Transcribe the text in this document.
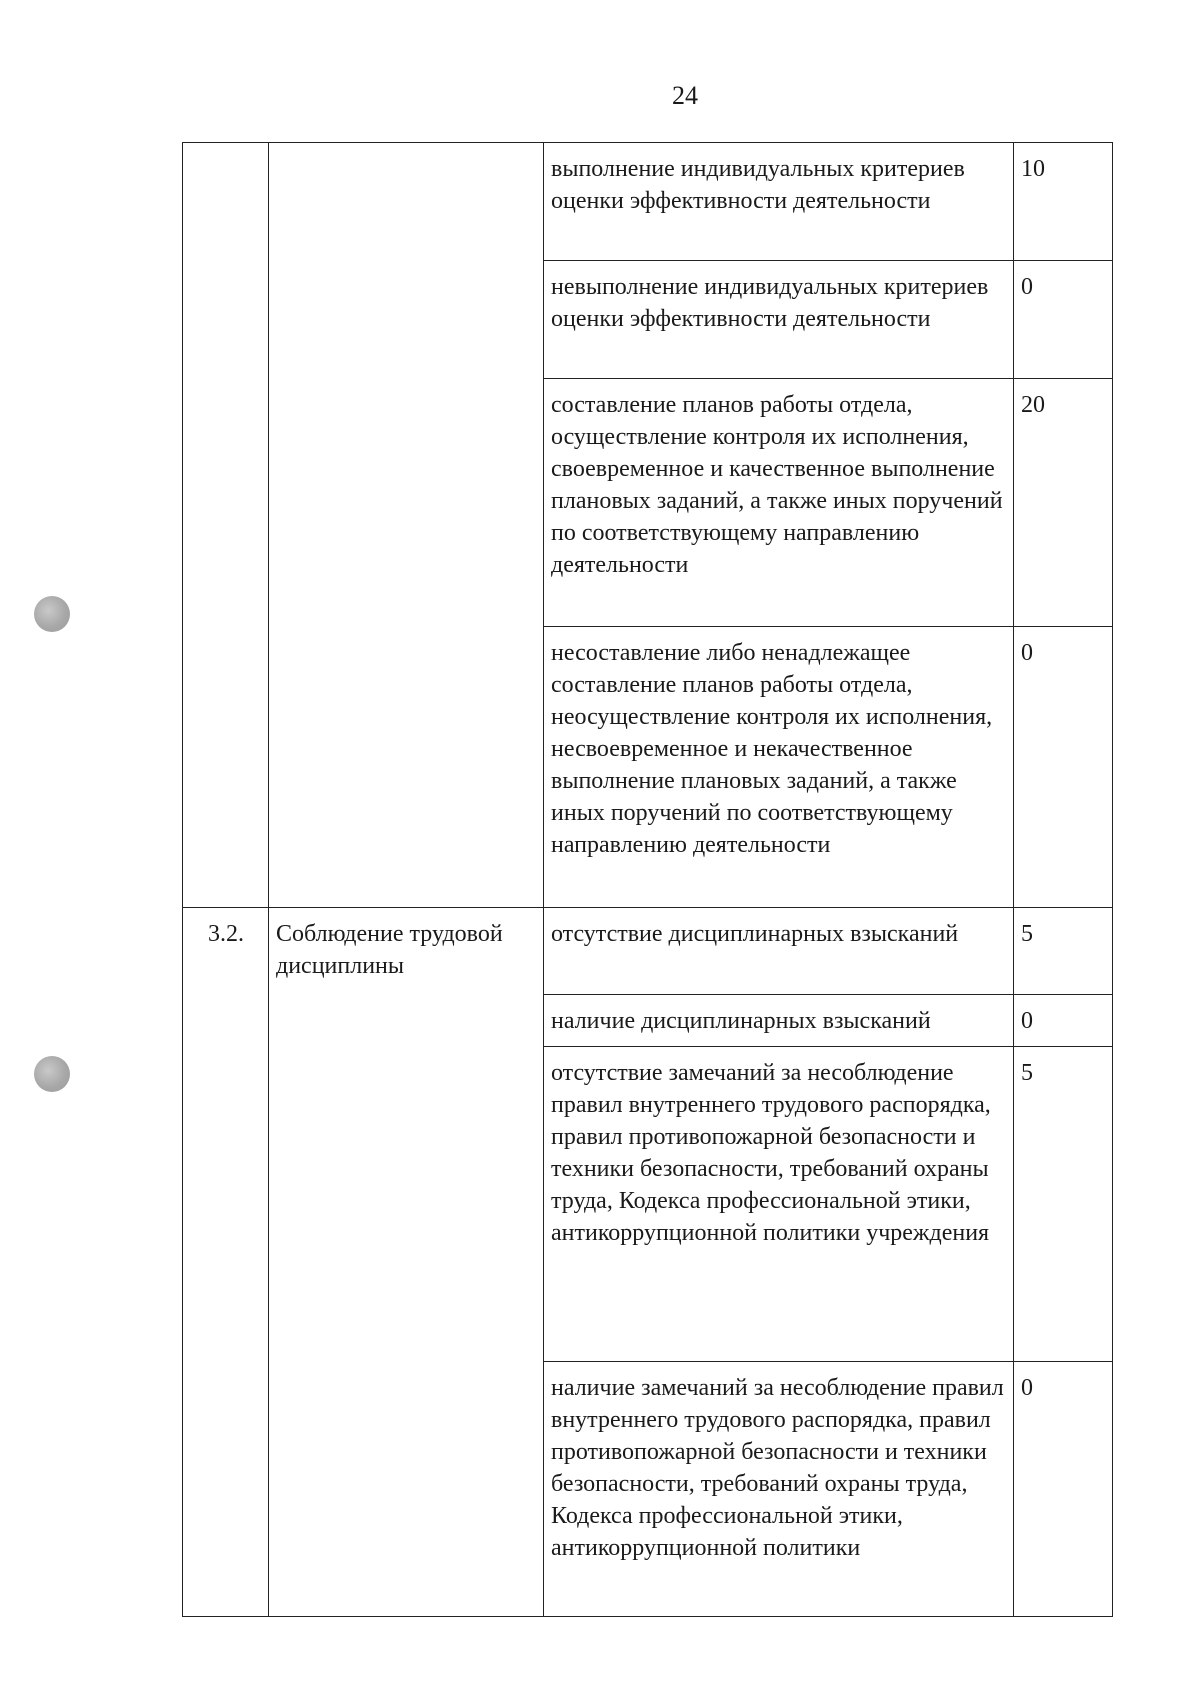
24
		выполнение индивидуальных критериев оценки эффективности деятельности	10
		невыполнение индивидуальных критериев оценки эффективности деятельности	0
		составление планов работы отдела, осуществление контроля их исполнения, своевременное и качественное выполнение плановых заданий, а также иных поручений по соответствующему направлению деятельности	20
		несоставление либо ненадлежащее составление планов работы отдела, неосуществление контроля их исполнения, несвоевременное и некачественное выполнение плановых заданий, а также иных поручений по соответствующему направлению деятельности	0
3.2.	Соблюдение трудовой дисциплины	отсутствие дисциплинарных взысканий	5
		наличие дисциплинарных взысканий	0
		отсутствие замечаний за несоблюдение правил внутреннего трудового распорядка, правил противопожарной безопасности и техники безопасности, требований охраны труда, Кодекса профессиональной этики, антикоррупционной политики учреждения	5
		наличие замечаний за несоблюдение правил внутреннего трудового распорядка, правил противопожарной безопасности и техники безопасности, требований охраны труда, Кодекса профессиональной этики, антикоррупционной политики	0
